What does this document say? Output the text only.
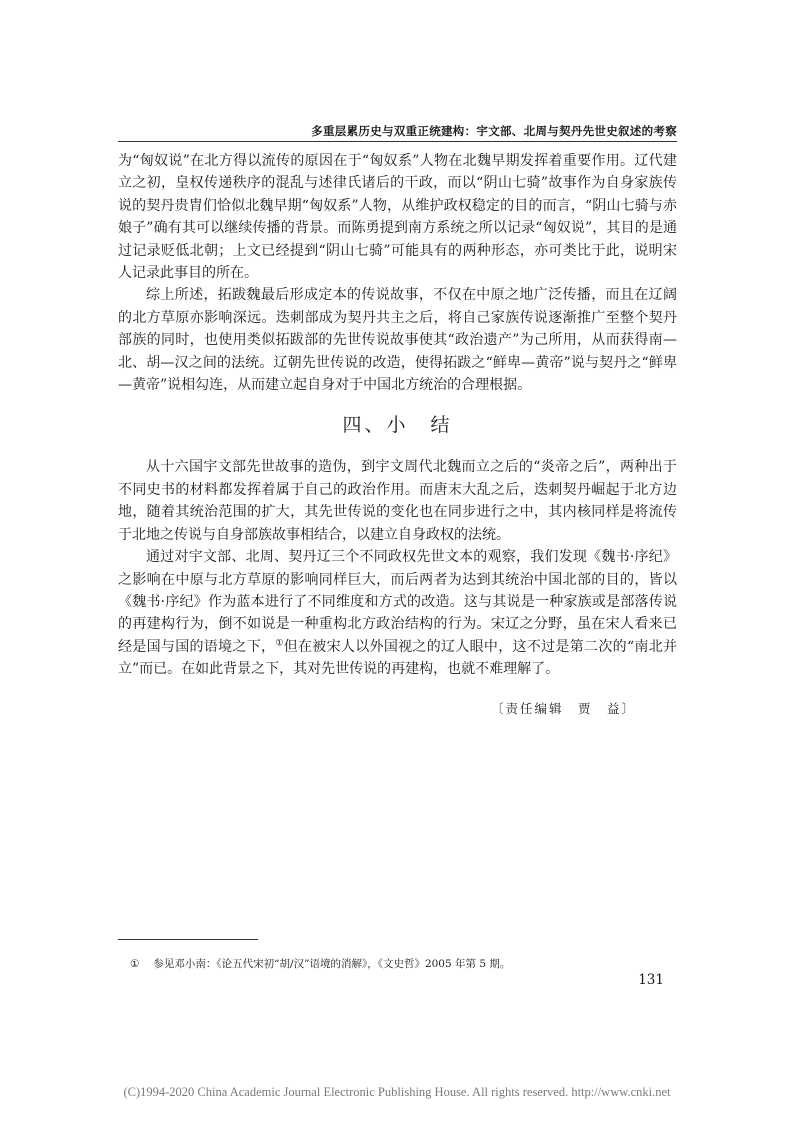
多重层累历史与双重正统建构：宇文部、北周与契丹先世史叙述的考察

为“匈奴说”在北方得以流传的原因在于“匈奴系”人物在北魏早期发挥着重要作用。辽代建立之初，皇权传递秩序的混乱与述律氏诸后的干政，而以“阴山七骑”故事作为自身家族传说的契丹贵胄们恰似北魏早期“匈奴系”人物，从维护政权稳定的目的而言，“阴山七骑与赤娘子”确有其可以继续传播的背景。而陈勇提到南方系统之所以记录“匈奴说”，其目的是通过记录贬低北朝；上文已经提到“阴山七骑”可能具有的两种形态，亦可类比于此，说明宋人记录此事目的所在。

综上所述，拓跋魏最后形成定本的传说故事，不仅在中原之地广泛传播，而且在辽阔的北方草原亦影响深远。迭刺部成为契丹共主之后，将自己家族传说逐渐推广至整个契丹部族的同时，也使用类似拓跋部的先世传说故事使其“政治遗产”为己所用，从而获得南—北、胡—汉之间的法统。辽朝先世传说的改造，使得拓跋之“鲜卑—黄帝”说与契丹之“鲜卑—黄帝”说相勾连，从而建立起自身对于中国北方统治的合理根据。

四、小　结

从十六国宇文部先世故事的造伪，到宇文周代北魏而立之后的“炎帝之后”，两种出于不同史书的材料都发挥着属于自己的政治作用。而唐末大乱之后，迭刺契丹崛起于北方边地，随着其统治范围的扩大，其先世传说的变化也在同步进行之中，其内核同样是将流传于北地之传说与自身部族故事相结合，以建立自身政权的法统。

通过对宇文部、北周、契丹辽三个不同政权先世文本的观察，我们发现《魏书·序纪》之影响在中原与北方草原的影响同样巨大，而后两者为达到其统治中国北部的目的，皆以《魏书·序纪》作为蓝本进行了不同维度和方式的改造。这与其说是一种家族或是部落传说的再建构行为，倒不如说是一种重构北方政治结构的行为。宋辽之分野，虽在宋人看来已经是国与国的语境之下，①但在被宋人以外国视之的辽人眼中，这不过是第二次的“南北并立”而已。在如此背景之下，其对先世传说的再建构，也就不难理解了。

〔责任编辑　贾　益〕
① 参见邓小南：《论五代宋初“胡/汉”语境的消解》，《文史哲》2005 年第 5 期。
131
(C)1994-2020 China Academic Journal Electronic Publishing House. All rights reserved. http://www.cnki.net
